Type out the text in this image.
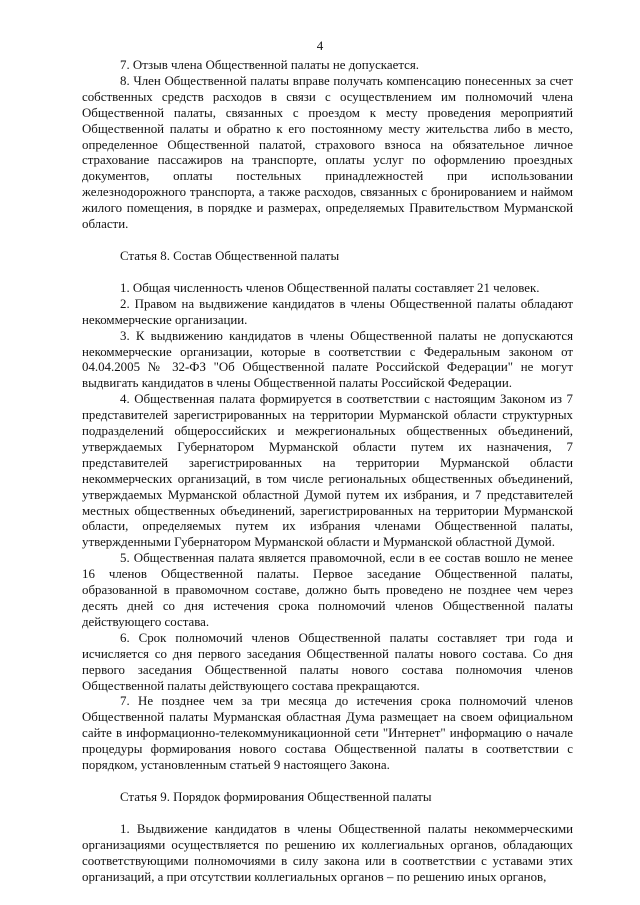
4

7. Отзыв члена Общественной палаты не допускается.

8. Член Общественной палаты вправе получать компенсацию понесенных за счет собственных средств расходов в связи с осуществлением им полномочий члена Общественной палаты, связанных с проездом к месту проведения мероприятий Общественной палаты и обратно к его постоянному месту жительства либо в место, определенное Общественной палатой, страхового взноса на обязательное личное страхование пассажиров на транспорте, оплаты услуг по оформлению проездных документов, оплаты постельных принадлежностей при использовании железнодорожного транспорта, а также расходов, связанных с бронированием и наймом жилого помещения, в порядке и размерах, определяемых Правительством Мурманской области.

Статья 8. Состав Общественной палаты

1. Общая численность членов Общественной палаты составляет 21 человек.

2. Правом на выдвижение кандидатов в члены Общественной палаты обладают некоммерческие организации.

3. К выдвижению кандидатов в члены Общественной палаты не допускаются некоммерческие организации, которые в соответствии с Федеральным законом от 04.04.2005 № 32-ФЗ "Об Общественной палате Российской Федерации" не могут выдвигать кандидатов в члены Общественной палаты Российской Федерации.

4. Общественная палата формируется в соответствии с настоящим Законом из 7 представителей зарегистрированных на территории Мурманской области структурных подразделений общероссийских и межрегиональных общественных объединений, утверждаемых Губернатором Мурманской области путем их назначения, 7 представителей зарегистрированных на территории Мурманской области некоммерческих организаций, в том числе региональных общественных объединений, утверждаемых Мурманской областной Думой путем их избрания, и 7 представителей местных общественных объединений, зарегистрированных на территории Мурманской области, определяемых путем их избрания членами Общественной палаты, утвержденными Губернатором Мурманской области и Мурманской областной Думой.

5. Общественная палата является правомочной, если в ее состав вошло не менее 16 членов Общественной палаты. Первое заседание Общественной палаты, образованной в правомочном составе, должно быть проведено не позднее чем через десять дней со дня истечения срока полномочий членов Общественной палаты действующего состава.

6. Срок полномочий членов Общественной палаты составляет три года и исчисляется со дня первого заседания Общественной палаты нового состава. Со дня первого заседания Общественной палаты нового состава полномочия членов Общественной палаты действующего состава прекращаются.

7. Не позднее чем за три месяца до истечения срока полномочий членов Общественной палаты Мурманская областная Дума размещает на своем официальном сайте в информационно-телекоммуникационной сети "Интернет" информацию о начале процедуры формирования нового состава Общественной палаты в соответствии с порядком, установленным статьей 9 настоящего Закона.

Статья 9. Порядок формирования Общественной палаты

1. Выдвижение кандидатов в члены Общественной палаты некоммерческими организациями осуществляется по решению их коллегиальных органов, обладающих соответствующими полномочиями в силу закона или в соответствии с уставами этих организаций, а при отсутствии коллегиальных органов – по решению иных органов,
